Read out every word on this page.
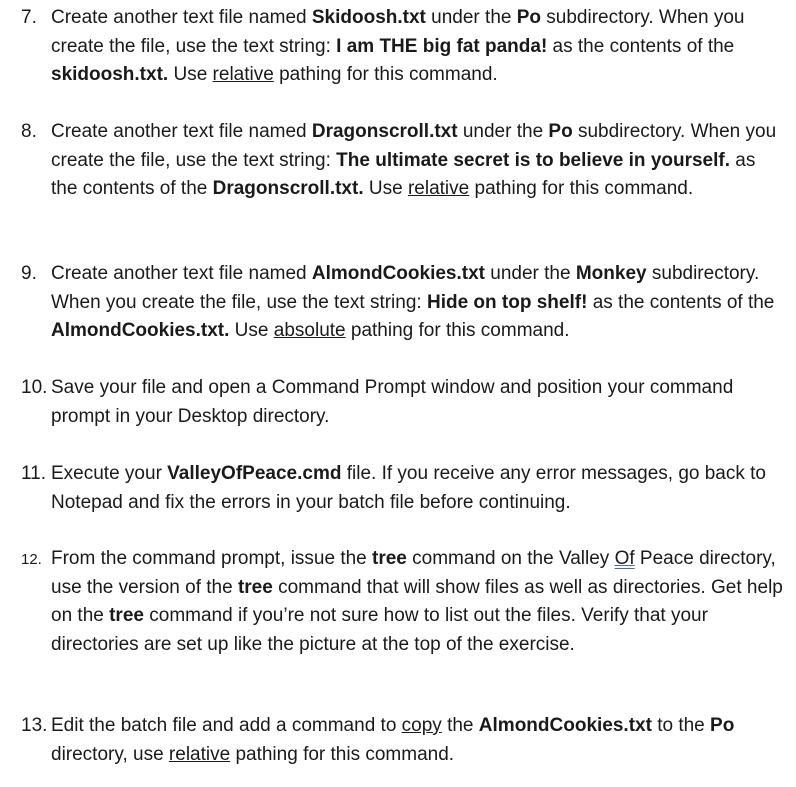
7. Create another text file named Skidoosh.txt under the Po subdirectory. When you create the file, use the text string: I am THE big fat panda! as the contents of the skidoosh.txt. Use relative pathing for this command.
8. Create another text file named Dragonscroll.txt under the Po subdirectory. When you create the file, use the text string: The ultimate secret is to believe in yourself. as the contents of the Dragonscroll.txt. Use relative pathing for this command.
9. Create another text file named AlmondCookies.txt under the Monkey subdirectory. When you create the file, use the text string: Hide on top shelf! as the contents of the AlmondCookies.txt. Use absolute pathing for this command.
10. Save your file and open a Command Prompt window and position your command prompt in your Desktop directory.
11. Execute your ValleyOfPeace.cmd file. If you receive any error messages, go back to Notepad and fix the errors in your batch file before continuing.
12. From the command prompt, issue the tree command on the Valley Of Peace directory, use the version of the tree command that will show files as well as directories. Get help on the tree command if you’re not sure how to list out the files. Verify that your directories are set up like the picture at the top of the exercise.
13. Edit the batch file and add a command to copy the AlmondCookies.txt to the Po directory, use relative pathing for this command.
